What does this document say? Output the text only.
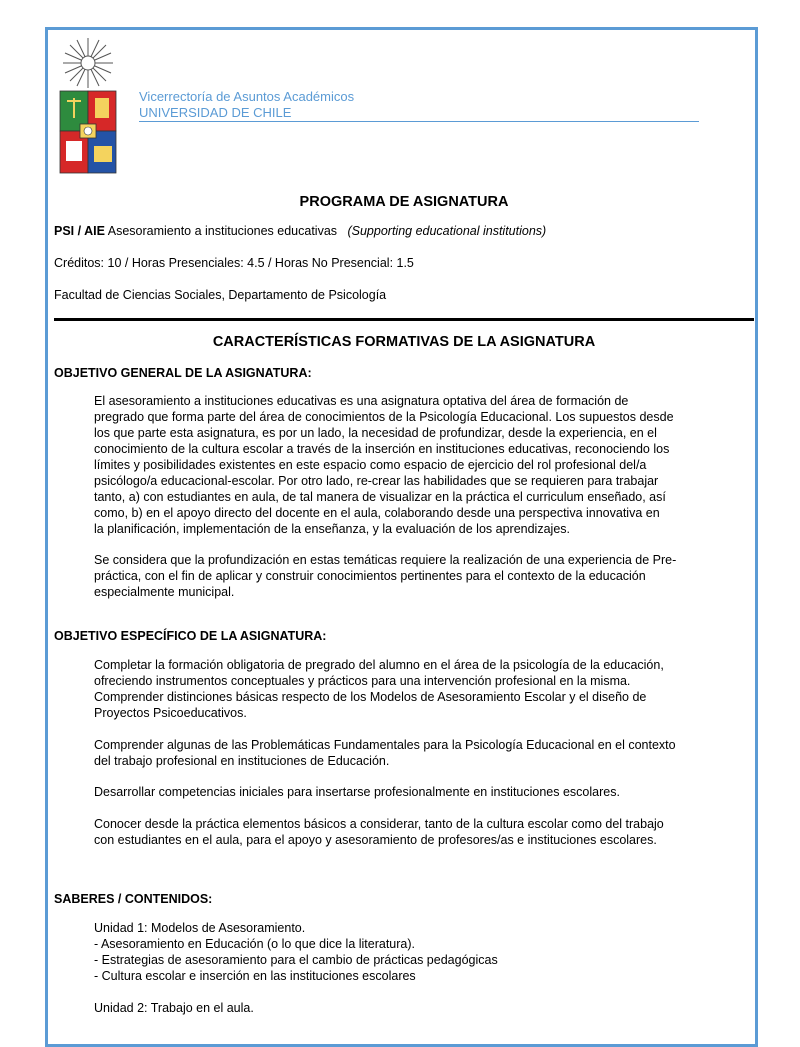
Vicerrectoría de Asuntos Académicos
UNIVERSIDAD DE CHILE
PROGRAMA DE ASIGNATURA
PSI / AIE Asesoramiento a instituciones educativas (Supporting educational institutions)
Créditos: 10 / Horas Presenciales: 4.5 / Horas No Presencial: 1.5
Facultad de Ciencias Sociales, Departamento de Psicología
CARACTERÍSTICAS FORMATIVAS DE LA ASIGNATURA
OBJETIVO GENERAL DE LA ASIGNATURA:

El asesoramiento a instituciones educativas es una asignatura optativa del área de formación de

pregrado que forma parte del área de conocimientos de la Psicología Educacional. Los supuestos desde

los que parte esta asignatura, es por un lado, la necesidad de profundizar, desde la experiencia, en el

conocimiento de la cultura escolar a través de la inserción en instituciones educativas, reconociendo los

límites y posibilidades existentes en este espacio como espacio de ejercicio del rol profesional del/a

psicólogo/a educacional-escolar. Por otro lado, re-crear las habilidades que se requieren para trabajar

tanto, a) con estudiantes en aula, de tal manera de visualizar en la práctica el curriculum enseñado, así

como, b) en el apoyo directo del docente en el aula, colaborando desde una perspectiva innovativa en

la planificación, implementación de la enseñanza, y la evaluación de los aprendizajes.

Se considera que la profundización en estas temáticas requiere la realización de una experiencia de Pre-

práctica, con el fin de aplicar y construir conocimientos pertinentes para el contexto de la educación

especialmente municipal.

OBJETIVO ESPECÍFICO DE LA ASIGNATURA:

Completar la formación obligatoria de pregrado del alumno en el área de la psicología de la educación,

ofreciendo instrumentos conceptuales y prácticos para una intervención profesional en la misma.

Comprender distinciones básicas respecto de los Modelos de Asesoramiento Escolar y el diseño de

Proyectos Psicoeducativos.

Comprender algunas de las Problemáticas Fundamentales para la Psicología Educacional en el contexto

del trabajo profesional en instituciones de Educación.

Desarrollar competencias iniciales para insertarse profesionalmente en instituciones escolares.

Conocer desde la práctica elementos básicos a considerar, tanto de la cultura escolar como del trabajo

con estudiantes en el aula, para el apoyo y asesoramiento de profesores/as e instituciones escolares.

SABERES / CONTENIDOS:

Unidad 1: Modelos de Asesoramiento.

- Asesoramiento en Educación (o lo que dice la literatura).

- Estrategias de asesoramiento para el cambio de prácticas pedagógicas

- Cultura escolar e inserción en las instituciones escolares

Unidad 2: Trabajo en el aula.
